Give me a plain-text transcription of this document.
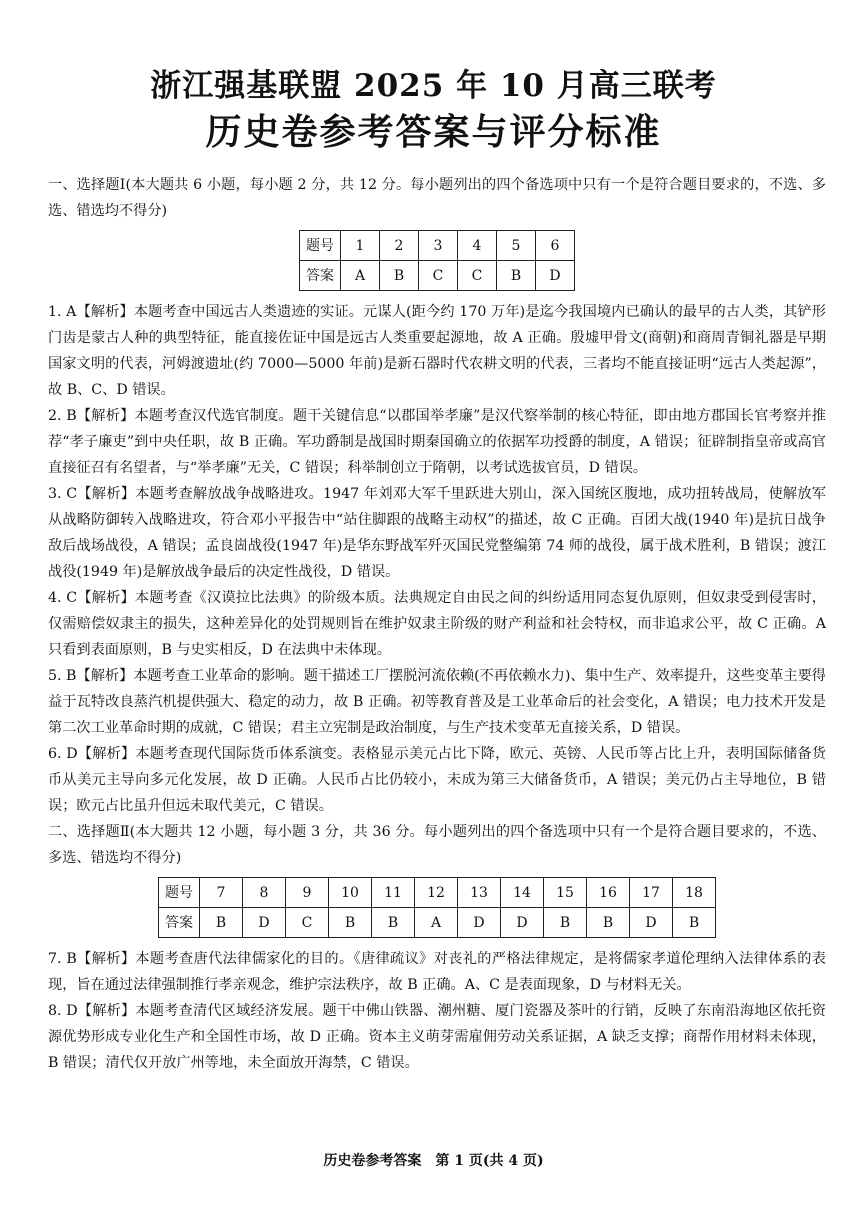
浙江强基联盟 2025 年 10 月高三联考
历史卷参考答案与评分标准

一、选择题Ⅰ(本大题共 6 小题，每小题 2 分，共 12 分。每小题列出的四个备选项中只有一个是符合题目要求的，不选、多选、错选均不得分)

题号	1	2	3	4	5	6
答案	A	B	C	C	B	D

1. A【解析】本题考查中国远古人类遗迹的实证。元谋人(距今约 170 万年)是迄今我国境内已确认的最早的古人类，其铲形门齿是蒙古人种的典型特征，能直接佐证中国是远古人类重要起源地，故 A 正确。殷墟甲骨文(商朝)和商周青铜礼器是早期国家文明的代表，河姆渡遗址(约 7000—5000 年前)是新石器时代农耕文明的代表，三者均不能直接证明“远古人类起源”，故 B、C、D 错误。

2. B【解析】本题考查汉代选官制度。题干关键信息“以郡国举孝廉”是汉代察举制的核心特征，即由地方郡国长官考察并推荐“孝子廉吏”到中央任职，故 B 正确。军功爵制是战国时期秦国确立的依据军功授爵的制度，A 错误；征辟制指皇帝或高官直接征召有名望者，与“举孝廉”无关，C 错误；科举制创立于隋朝，以考试选拔官员，D 错误。

3. C【解析】本题考查解放战争战略进攻。1947 年刘邓大军千里跃进大别山，深入国统区腹地，成功扭转战局，使解放军从战略防御转入战略进攻，符合邓小平报告中“站住脚跟的战略主动权”的描述，故 C 正确。百团大战(1940 年)是抗日战争敌后战场战役，A 错误；孟良崮战役(1947 年)是华东野战军歼灭国民党整编第 74 师的战役，属于战术胜利，B 错误；渡江战役(1949 年)是解放战争最后的决定性战役，D 错误。

4. C【解析】本题考查《汉谟拉比法典》的阶级本质。法典规定自由民之间的纠纷适用同态复仇原则，但奴隶受到侵害时，仅需赔偿奴隶主的损失，这种差异化的处罚规则旨在维护奴隶主阶级的财产利益和社会特权，而非追求公平，故 C 正确。A 只看到表面原则，B 与史实相反，D 在法典中未体现。

5. B【解析】本题考查工业革命的影响。题干描述工厂摆脱河流依赖(不再依赖水力)、集中生产、效率提升，这些变革主要得益于瓦特改良蒸汽机提供强大、稳定的动力，故 B 正确。初等教育普及是工业革命后的社会变化，A 错误；电力技术开发是第二次工业革命时期的成就，C 错误；君主立宪制是政治制度，与生产技术变革无直接关系，D 错误。

6. D【解析】本题考查现代国际货币体系演变。表格显示美元占比下降，欧元、英镑、人民币等占比上升，表明国际储备货币从美元主导向多元化发展，故 D 正确。人民币占比仍较小，未成为第三大储备货币，A 错误；美元仍占主导地位，B 错误；欧元占比虽升但远未取代美元，C 错误。

二、选择题Ⅱ(本大题共 12 小题，每小题 3 分，共 36 分。每小题列出的四个备选项中只有一个是符合题目要求的，不选、多选、错选均不得分)

题号	7	8	9	10	11	12	13	14	15	16	17	18
答案	B	D	C	B	B	A	D	D	B	B	D	B

7. B【解析】本题考查唐代法律儒家化的目的。《唐律疏议》对丧礼的严格法律规定，是将儒家孝道伦理纳入法律体系的表现，旨在通过法律强制推行孝亲观念，维护宗法秩序，故 B 正确。A、C 是表面现象，D 与材料无关。

8. D【解析】本题考查清代区域经济发展。题干中佛山铁器、潮州糖、厦门瓷器及茶叶的行销，反映了东南沿海地区依托资源优势形成专业化生产和全国性市场，故 D 正确。资本主义萌芽需雇佣劳动关系证据，A 缺乏支撑；商帮作用材料未体现，B 错误；清代仅开放广州等地，未全面放开海禁，C 错误。

历史卷参考答案　第 1 页(共 4 页)
